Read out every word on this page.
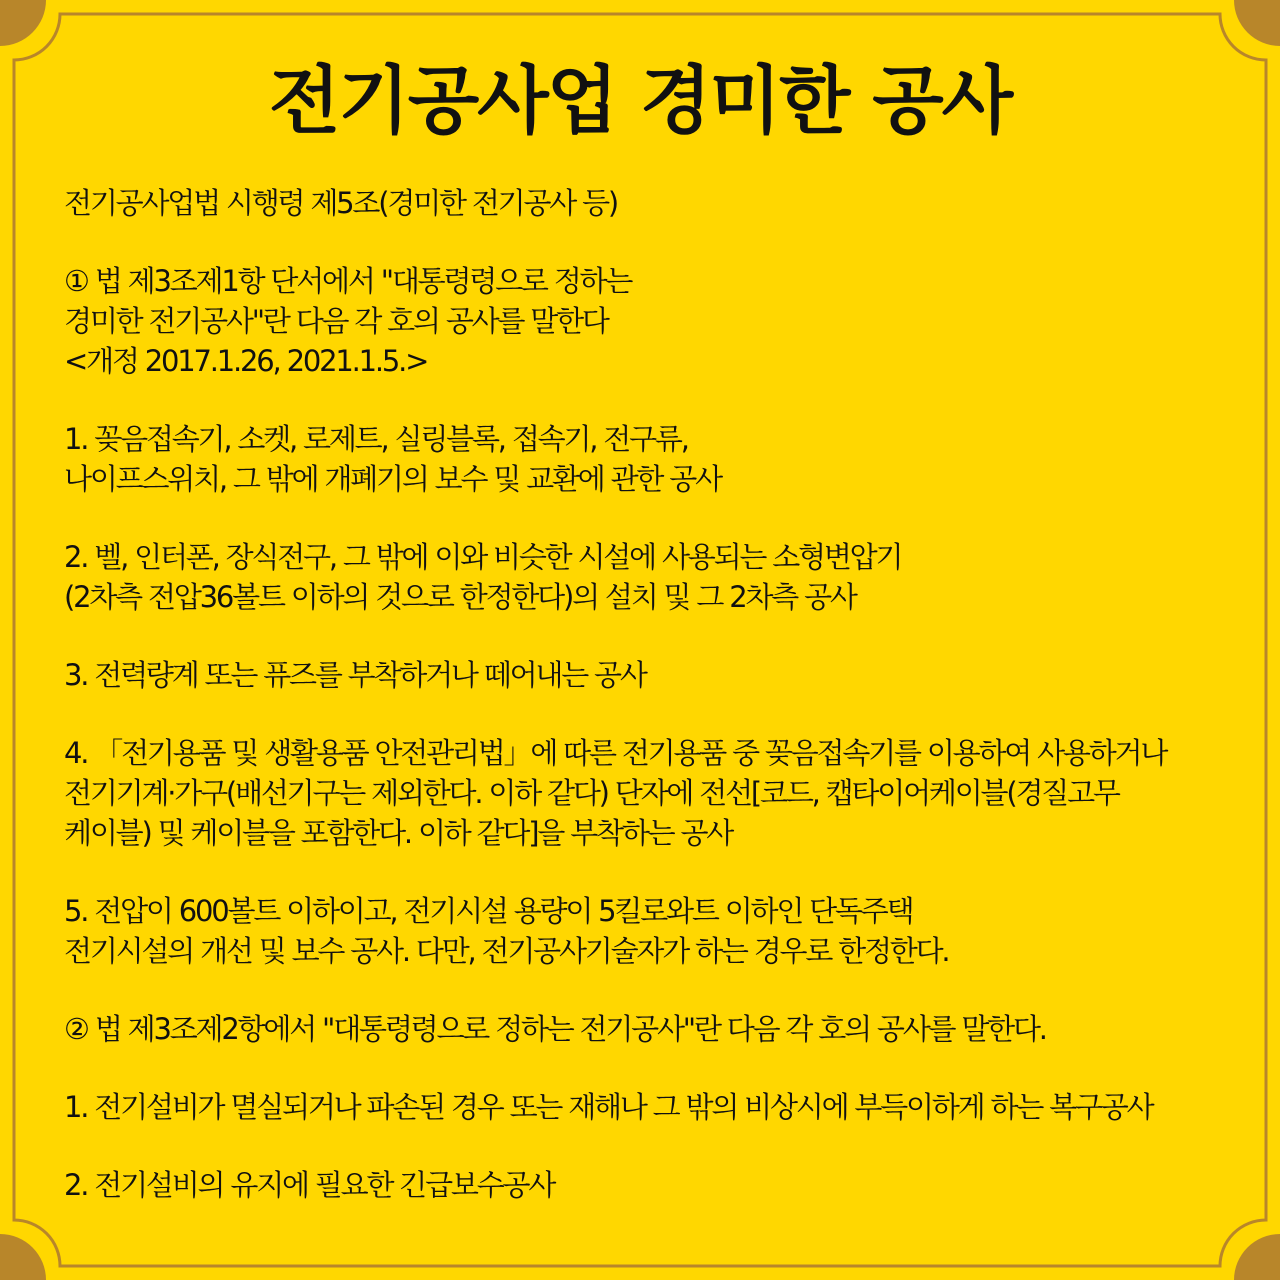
전기공사업 경미한 공사

전기공사업법 시행령 제5조(경미한 전기공사 등)

① 법 제3조제1항 단서에서 "대통령령으로 정하는

경미한 전기공사"란 다음 각 호의 공사를 말한다

<개정 2017.1.26, 2021.1.5.>

1. 꽂음접속기, 소켓, 로제트, 실링블록, 접속기, 전구류,

나이프스위치, 그 밖에 개폐기의 보수 및 교환에 관한 공사

2. 벨, 인터폰, 장식전구, 그 밖에 이와 비슷한 시설에 사용되는 소형변압기

(2차측 전압36볼트 이하의 것으로 한정한다)의 설치 및 그 2차측 공사

3. 전력량계 또는 퓨즈를 부착하거나 떼어내는 공사

4. 「전기용품 및 생활용품 안전관리법」에 따른 전기용품 중 꽂음접속기를 이용하여 사용하거나

전기기계·가구(배선기구는 제외한다. 이하 같다) 단자에 전선[코드, 캡타이어케이블(경질고무

케이블) 및 케이블을 포함한다. 이하 같다]을 부착하는 공사

5. 전압이 600볼트 이하이고, 전기시설 용량이 5킬로와트 이하인 단독주택

전기시설의 개선 및 보수 공사. 다만, 전기공사기술자가 하는 경우로 한정한다.

② 법 제3조제2항에서 "대통령령으로 정하는 전기공사"란 다음 각 호의 공사를 말한다.

1. 전기설비가 멸실되거나 파손된 경우 또는 재해나 그 밖의 비상시에 부득이하게 하는 복구공사

2. 전기설비의 유지에 필요한 긴급보수공사
